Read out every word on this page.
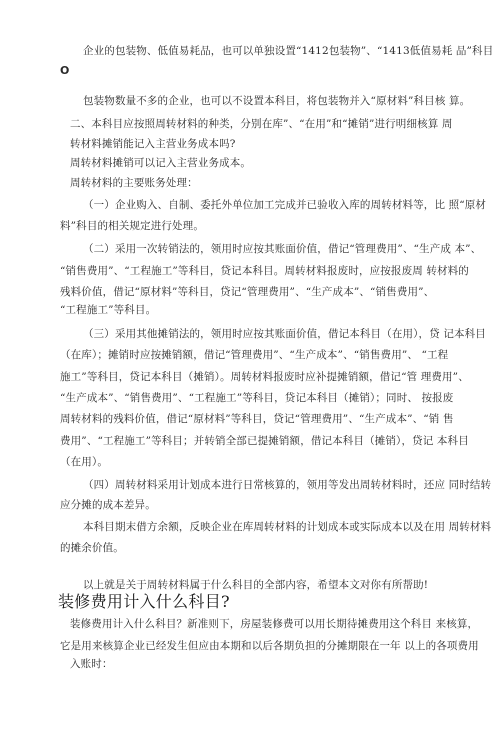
企业的包装物、低值易耗品，也可以单独设置“1412包装物”、“1413低值易耗 品”科目
O
包装物数量不多的企业，也可以不设置本科目，将包装物并入“原材料”科目核 算。
二、本科目应按照周转材料的种类，分别在库”、“在用”和“摊销”进行明细核算 周
转材料摊销能记入主营业务成本吗?
周转材料摊销可以记入主营业务成本。
周转材料的主要账务处理：
（一）企业购入、自制、委托外单位加工完成并已验收入库的周转材料等，比 照“原材
料”科目的相关规定进行处理。
（二）采用一次转销法的，领用时应按其账面价值，借记“管理费用”、“生产成 本”、
“销售费用”、“工程施工”等科目，贷记本科目。周转材料报废时，应按报废周 转材料的
残料价值，借记“原材料”等科目，贷记“管理费用”、“生产成本”、“销售费用”、
“工程施工”等科目。
（三）采用其他摊销法的，领用时应按其账面价值，借记本科目（在用），贷 记本科目
（在库）；摊销时应按摊销额，借记“管理费用”、“生产成本”、“销售费用”、 “工程
施工”等科目，贷记本科目（摊销）。周转材料报废时应补提摊销额，借记“管 理费用”、
“生产成本”、“销售费用”、“工程施工”等科目，贷记本科目（摊销）；同时、 按报废
周转材料的残料价值，借记“原材料”等科目，贷记“管理费用”、“生产成本”、“销 售
费用”、“工程施工”等科目；并转销全部已提摊销额，借记本科目（摊销），贷记 本科目
（在用）。
（四）周转材料采用计划成本进行日常核算的，领用等发出周转材料时，还应 同时结转
应分摊的成本差异。
本科目期末借方余额，反映企业在库周转材料的计划成本或实际成本以及在用 周转材料
的摊余价值。
以上就是关于周转材料属于什么科目的全部内容，希望本文对你有所帮助!
装修费用计入什么科目?
装修费用计入什么科目？新准则下，房屋装修费可以用长期待摊费用这个科目 来核算，
它是用来核算企业已经发生但应由本期和以后各期负担的分摊期限在一年 以上的各项费用
入账时：
